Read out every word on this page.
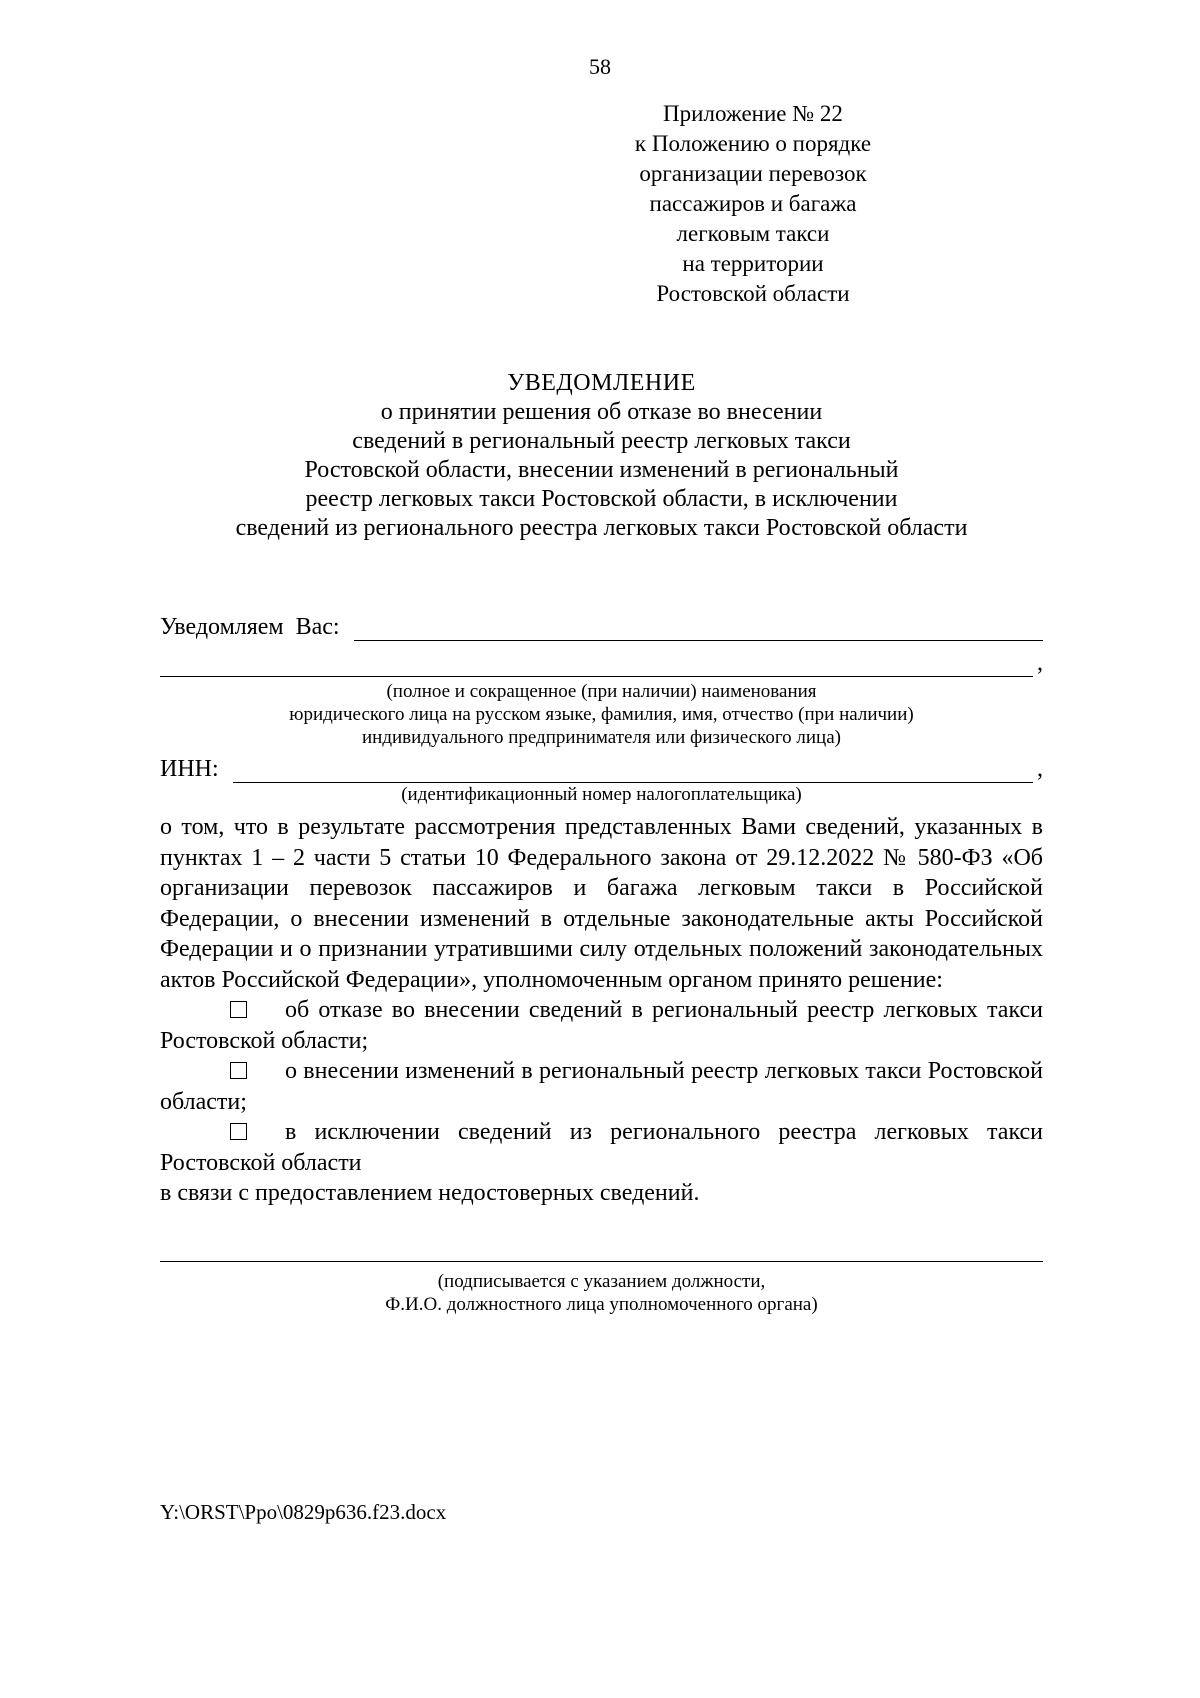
58
Приложение № 22
к Положению о порядке
организации перевозок
пассажиров и багажа
легковым такси
на территории
Ростовской области
УВЕДОМЛЕНИЕ
о принятии решения об отказе во внесении
сведений в региональный реестр легковых такси
Ростовской области, внесении изменений в региональный
реестр легковых такси Ростовской области, в исключении
сведений из регионального реестра легковых такси Ростовской области
Уведомляем Вас:
,
(полное и сокращенное (при наличии) наименования
юридического лица на русском языке, фамилия, имя, отчество (при наличии)
индивидуального предпринимателя или физического лица)
ИНН:	,
(идентификационный номер налогоплательщика)

о том, что в результате рассмотрения представленных Вами сведений, указанных в пунктах 1 – 2 части 5 статьи 10 Федерального закона от 29.12.2022 № 580-ФЗ «Об организации перевозок пассажиров и багажа легковым такси в Российской Федерации, о внесении изменений в отдельные законодательные акты Российской Федерации и о признании утратившими силу отдельных положений законодательных актов Российской Федерации», уполномоченным органом принято решение:

об отказе во внесении сведений в региональный реестр легковых такси Ростовской области;

о внесении изменений в региональный реестр легковых такси Ростовской области;

в исключении сведений из регионального реестра легковых такси Ростовской области

в связи с предоставлением недостоверных сведений.

(подписывается с указанием должности,
Ф.И.О. должностного лица уполномоченного органа)
Y:\ORST\Ppo\0829p636.f23.docx
